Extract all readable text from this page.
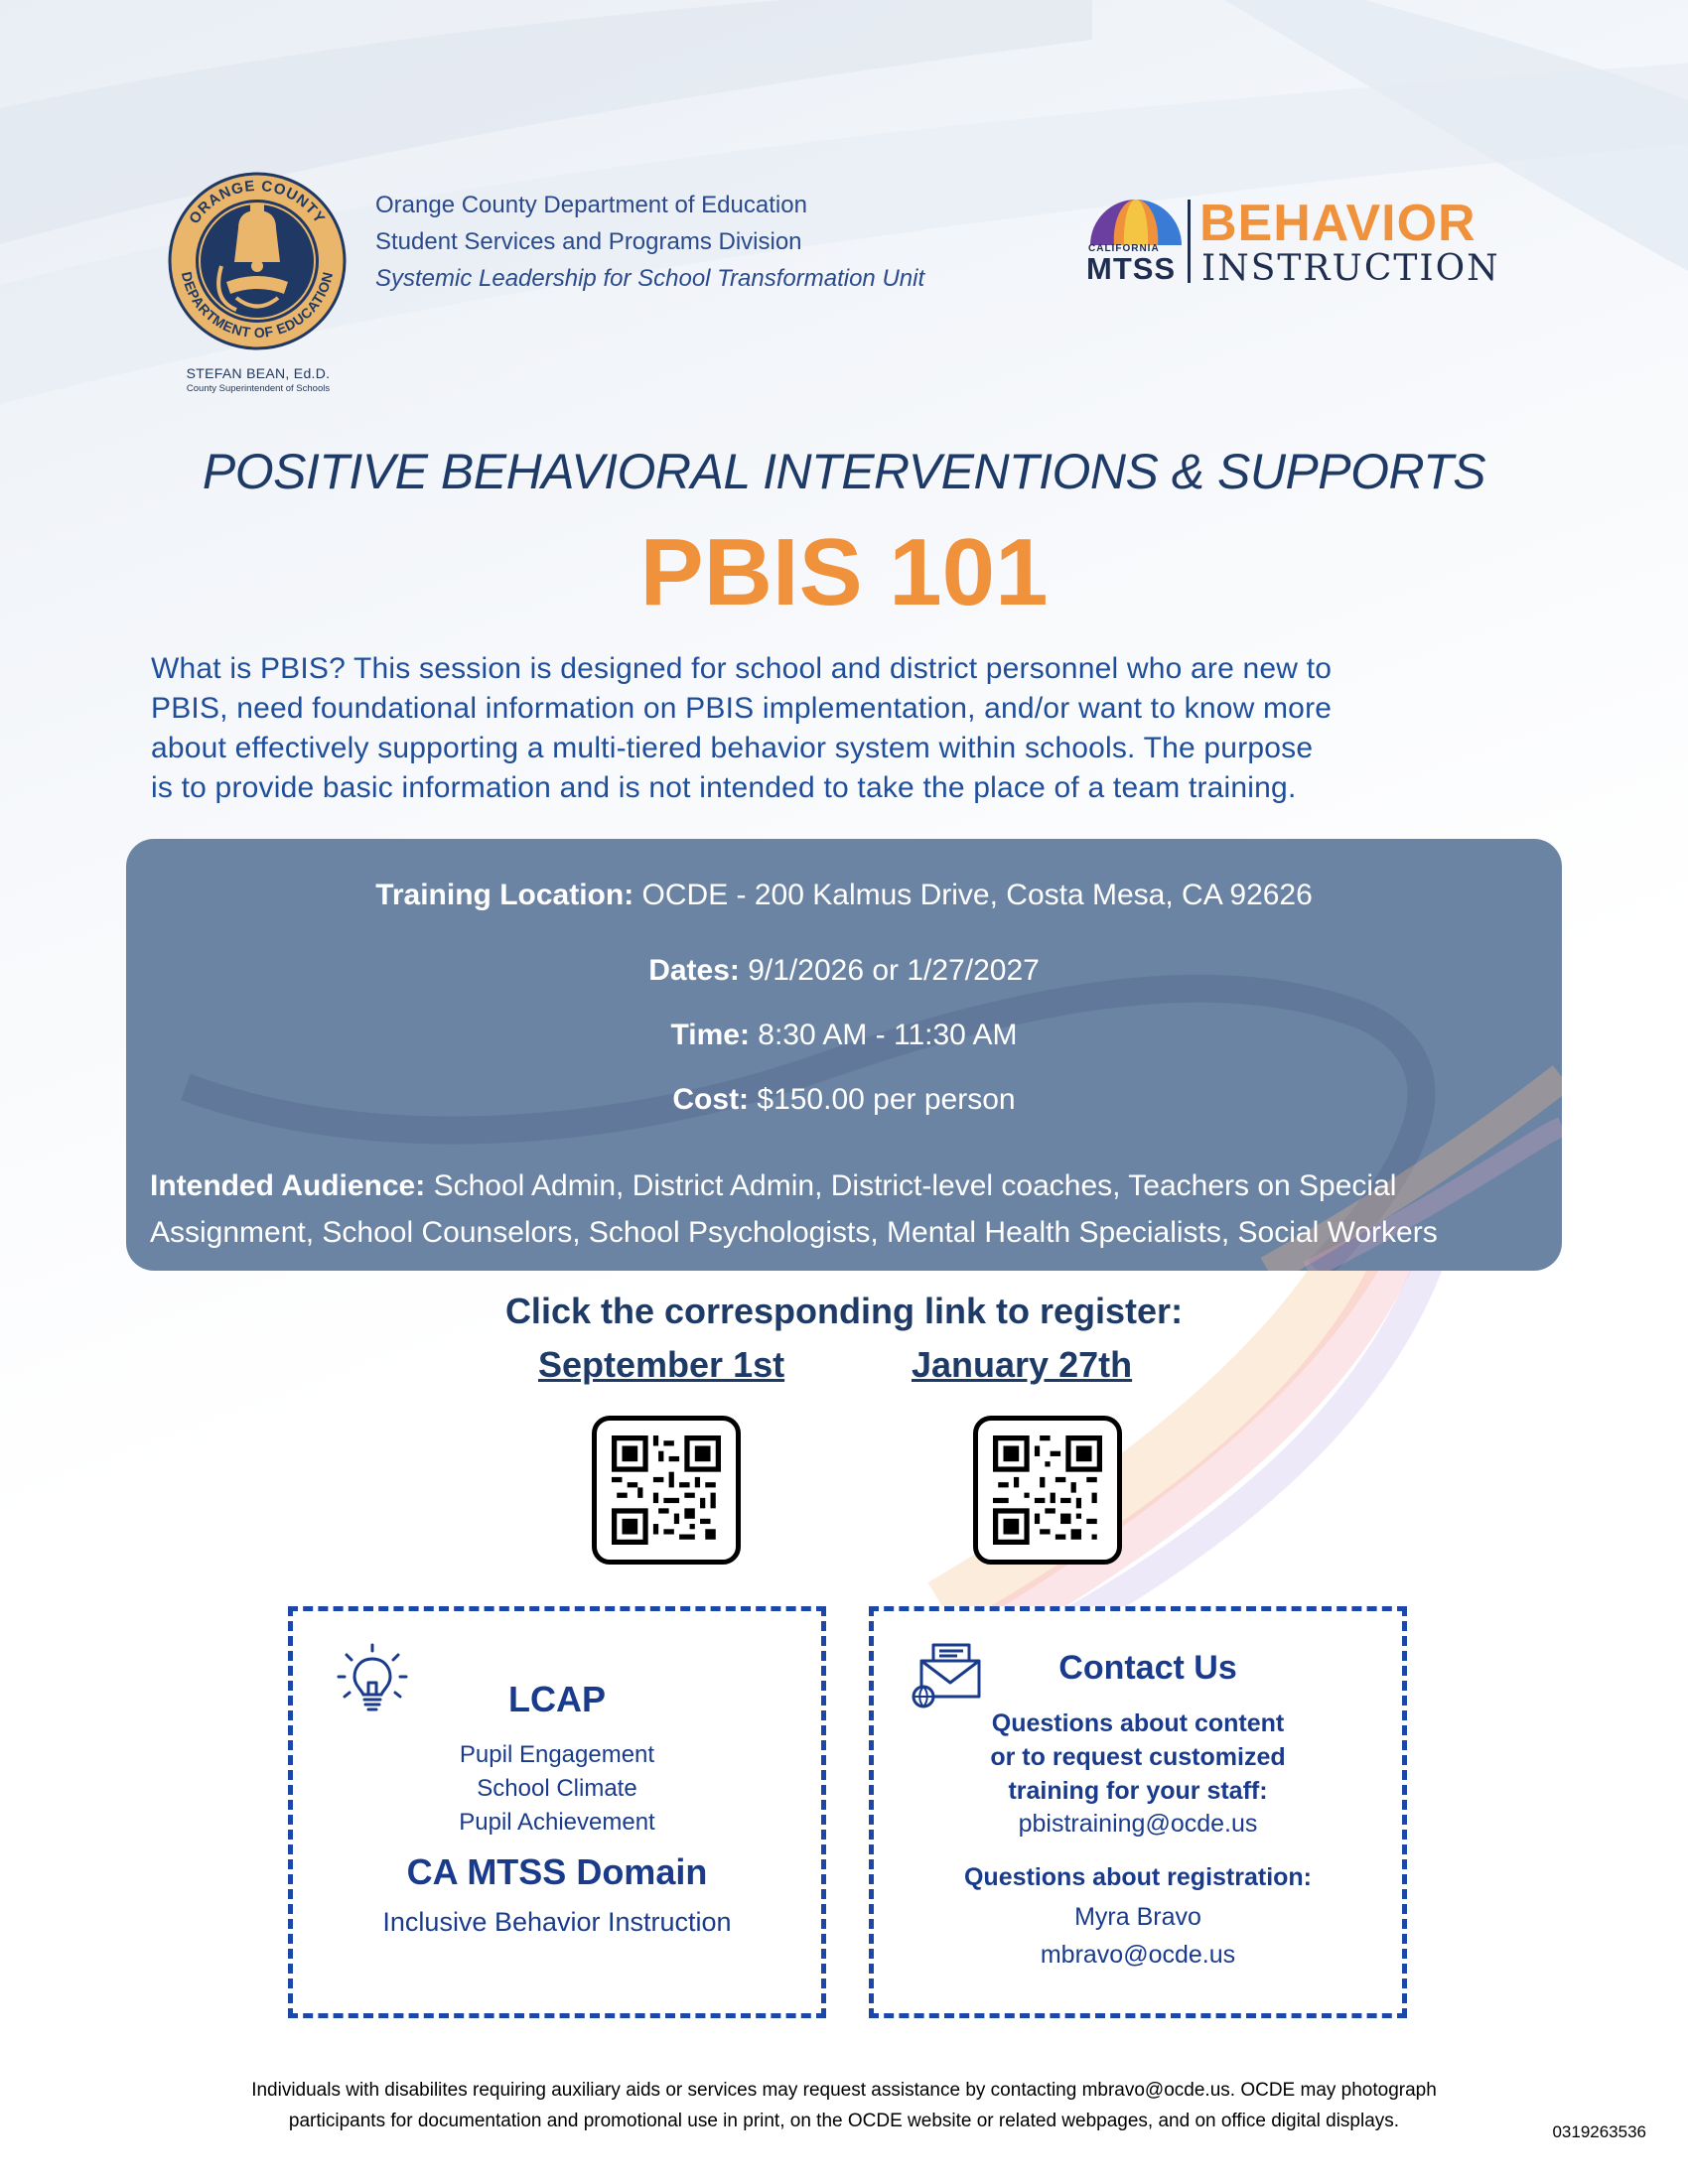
ORANGE COUNTY
DEPARTMENT OF EDUCATION
STEFAN BEAN, Ed.D.
County Superintendent of Schools
Orange County Department of Education
Student Services and Programs Division
Systemic Leadership for School Transformation Unit
CALIFORNIA
MTSS
BEHAVIOR
INSTRUCTION
POSITIVE BEHAVIORAL INTERVENTIONS & SUPPORTS
PBIS 101
What is PBIS? This session is designed for school and district personnel who are new to
PBIS, need foundational information on PBIS implementation, and/or want to know more
about effectively supporting a multi-tiered behavior system within schools. The purpose
is to provide basic information and is not intended to take the place of a team training.
Training Location: OCDE - 200 Kalmus Drive, Costa Mesa, CA 92626
Dates: 9/1/2026 or 1/27/2027
Time: 8:30 AM - 11:30 AM
Cost: $150.00 per person
Intended Audience: School Admin, District Admin, District-level coaches, Teachers on Special Assignment, School Counselors, School Psychologists, Mental Health Specialists, Social Workers
Click the corresponding link to register:
September 1st	January 27th
LCAP
Pupil Engagement
School Climate
Pupil Achievement
CA MTSS Domain
Inclusive Behavior Instruction
Contact Us
Questions about content
or to request customized
training for your staff:
pbistraining@ocde.us
Questions about registration:
Myra Bravo
mbravo@ocde.us
Individuals with disabilites requiring auxiliary aids or services may request assistance by contacting mbravo@ocde.us. OCDE may photograph
participants for documentation and promotional use in print, on the OCDE website or related webpages, and on office digital displays.
0319263536
